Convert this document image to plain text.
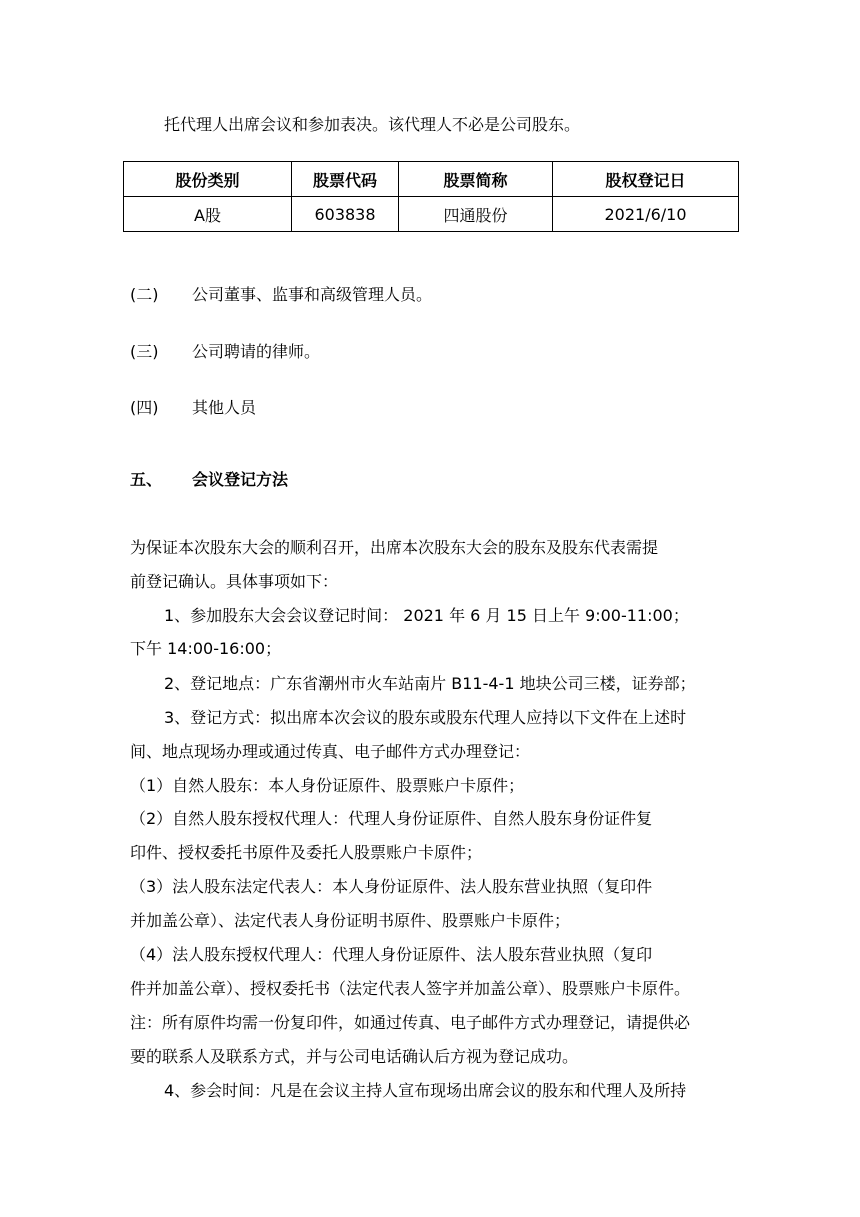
托代理人出席会议和参加表决。该代理人不必是公司股东。
股份类别	股票代码	股票简称	股权登记日
A股	603838	四通股份	2021/6/10
(二) 公司董事、监事和高级管理人员。
(三) 公司聘请的律师。
(四) 其他人员
五、 会议登记方法
为保证本次股东大会的顺利召开，出席本次股东大会的股东及股东代表需提
前登记确认。具体事项如下：
1、参加股东大会会议登记时间： 2021 年 6 月 15 日上午 9:00-11:00；
下午 14:00-16:00；
2、登记地点：广东省潮州市火车站南片 B11-4-1 地块公司三楼，证券部；
3、登记方式：拟出席本次会议的股东或股东代理人应持以下文件在上述时
间、地点现场办理或通过传真、电子邮件方式办理登记：
（1）自然人股东：本人身份证原件、股票账户卡原件；
（2）自然人股东授权代理人：代理人身份证原件、自然人股东身份证件复
印件、授权委托书原件及委托人股票账户卡原件；
（3）法人股东法定代表人：本人身份证原件、法人股东营业执照（复印件
并加盖公章）、法定代表人身份证明书原件、股票账户卡原件；
（4）法人股东授权代理人：代理人身份证原件、法人股东营业执照（复印
件并加盖公章）、授权委托书（法定代表人签字并加盖公章）、股票账户卡原件。
注：所有原件均需一份复印件，如通过传真、电子邮件方式办理登记，请提供必
要的联系人及联系方式，并与公司电话确认后方视为登记成功。
4、参会时间：凡是在会议主持人宣布现场出席会议的股东和代理人及所持
